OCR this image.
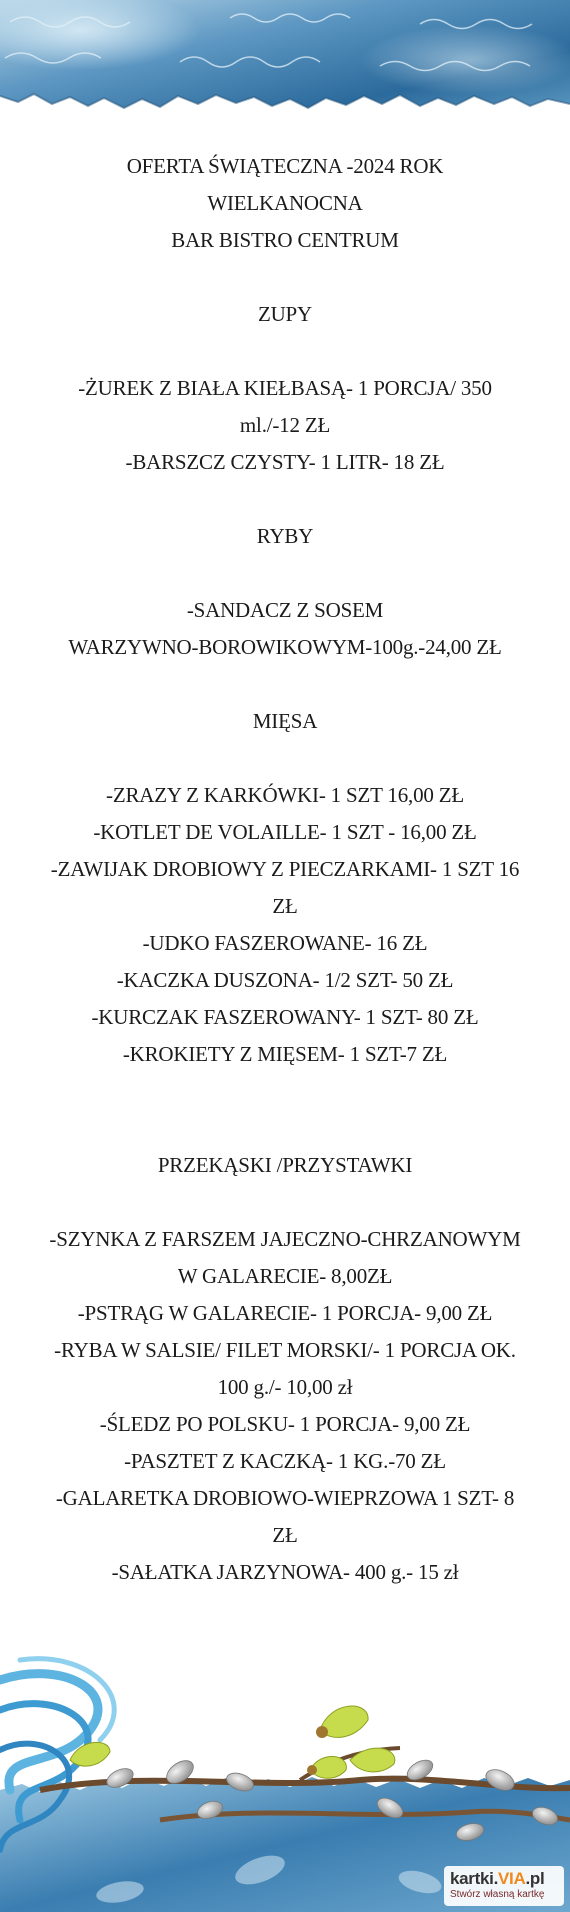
OFERTA ŚWIĄTECZNA -2024 ROK
WIELKANOCNA
BAR BISTRO CENTRUM
ZUPY
-ŻUREK Z BIAŁA KIEŁBASĄ- 1 PORCJA/ 350
ml./-12 ZŁ
-BARSZCZ CZYSTY- 1 LITR- 18 ZŁ
RYBY
-SANDACZ Z SOSEM
WARZYWNO-BOROWIKOWYM-100g.-24,00 ZŁ
MIĘSA
-ZRAZY Z KARKÓWKI- 1 SZT 16,00 ZŁ
-KOTLET DE VOLAILLE- 1 SZT - 16,00 ZŁ
-ZAWIJAK DROBIOWY Z PIECZARKAMI- 1 SZT 16
ZŁ
-UDKO FASZEROWANE- 16 ZŁ
-KACZKA DUSZONA- 1/2 SZT- 50 ZŁ
-KURCZAK FASZEROWANY- 1 SZT- 80 ZŁ
-KROKIETY Z MIĘSEM- 1 SZT-7 ZŁ
PRZEKĄSKI /PRZYSTAWKI
-SZYNKA Z FARSZEM JAJECZNO-CHRZANOWYM
W GALARECIE- 8,00ZŁ
-PSTRĄG W GALARECIE- 1 PORCJA- 9,00 ZŁ
-RYBA W SALSIE/ FILET MORSKI/- 1 PORCJA OK.
100 g./- 10,00 zł
-ŚLEDZ PO POLSKU- 1 PORCJA- 9,00 ZŁ
-PASZTET Z KACZKĄ- 1 KG.-70 ZŁ
-GALARETKA DROBIOWO-WIEPRZOWA 1 SZT- 8
ZŁ
-SAŁATKA JARZYNOWA- 400 g.- 15 zł
kartki.VIA.pl
Stwórz własną kartkę
